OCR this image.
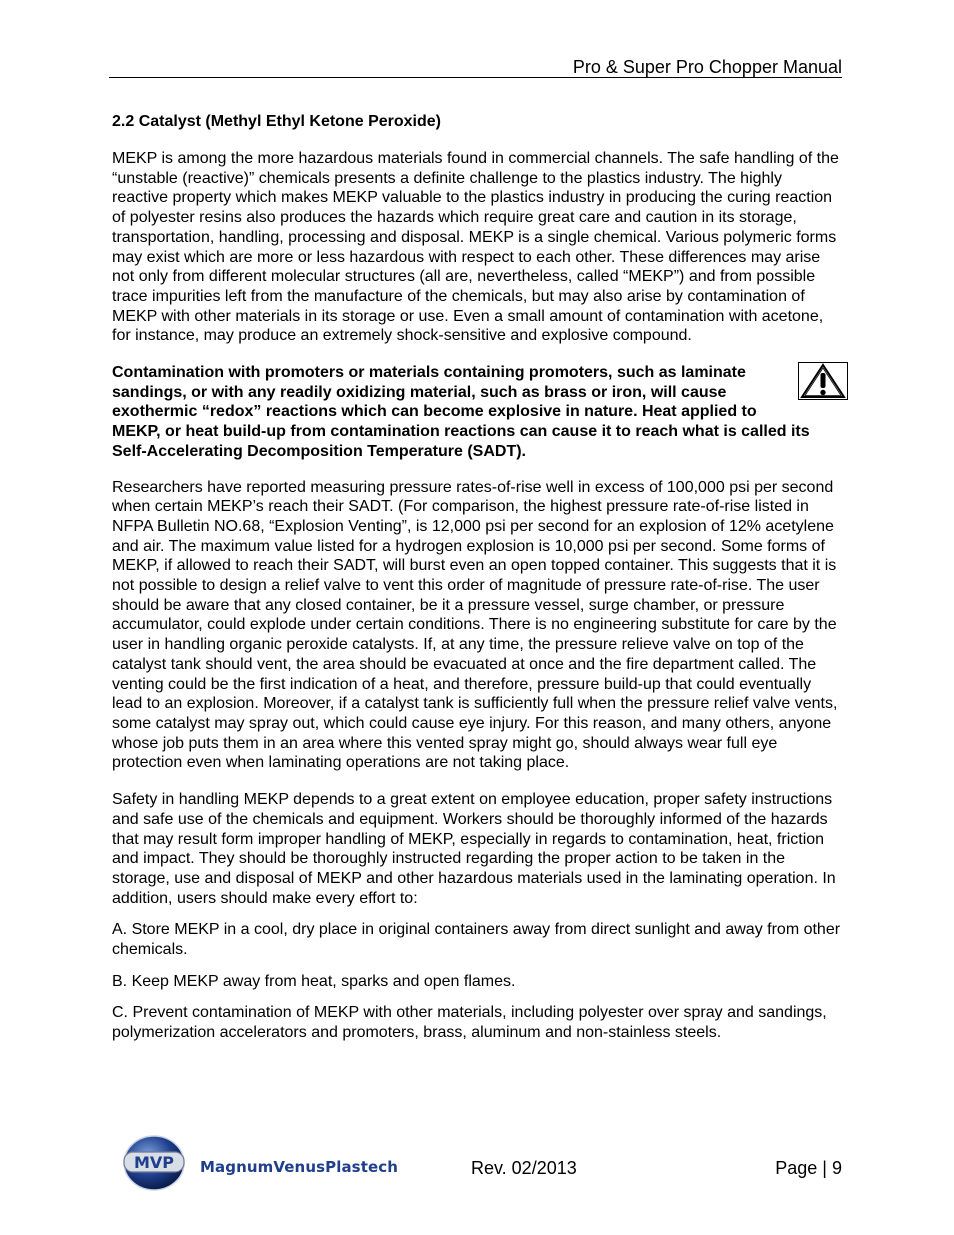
Pro & Super Pro Chopper Manual
2.2 Catalyst (Methyl Ethyl Ketone Peroxide)

MEKP is among the more hazardous materials found in commercial channels. The safe handling of the “unstable (reactive)” chemicals presents a definite challenge to the plastics industry. The highly reactive property which makes MEKP valuable to the plastics industry in producing the curing reaction of polyester resins also produces the hazards which require great care and caution in its storage, transportation, handling, processing and disposal. MEKP is a single chemical. Various polymeric forms may exist which are more or less hazardous with respect to each other. These differences may arise not only from different molecular structures (all are, nevertheless, called “MEKP”) and from possible trace impurities left from the manufacture of the chemicals, but may also arise by contamination of MEKP with other materials in its storage or use. Even a small amount of contamination with acetone, for instance, may produce an extremely shock-sensitive and explosive compound.

Contamination with promoters or materials containing promoters, such as laminate sandings, or with any readily oxidizing material, such as brass or iron, will cause exothermic “redox” reactions which can become explosive in nature. Heat applied to MEKP, or heat build-up from contamination reactions can cause it to reach what is called its Self-Accelerating Decomposition Temperature (SADT).

Researchers have reported measuring pressure rates-of-rise well in excess of 100,000 psi per second when certain MEKP’s reach their SADT. (For comparison, the highest pressure rate-of-rise listed in NFPA Bulletin NO.68, “Explosion Venting”, is 12,000 psi per second for an explosion of 12% acetylene and air. The maximum value listed for a hydrogen explosion is 10,000 psi per second. Some forms of MEKP, if allowed to reach their SADT, will burst even an open topped container. This suggests that it is not possible to design a relief valve to vent this order of magnitude of pressure rate-of-rise. The user should be aware that any closed container, be it a pressure vessel, surge chamber, or pressure accumulator, could explode under certain conditions. There is no engineering substitute for care by the user in handling organic peroxide catalysts. If, at any time, the pressure relieve valve on top of the catalyst tank should vent, the area should be evacuated at once and the fire department called. The venting could be the first indication of a heat, and therefore, pressure build-up that could eventually lead to an explosion. Moreover, if a catalyst tank is sufficiently full when the pressure relief valve vents, some catalyst may spray out, which could cause eye injury. For this reason, and many others, anyone whose job puts them in an area where this vented spray might go, should always wear full eye protection even when laminating operations are not taking place.

Safety in handling MEKP depends to a great extent on employee education, proper safety instructions and safe use of the chemicals and equipment. Workers should be thoroughly informed of the hazards that may result form improper handling of MEKP, especially in regards to contamination, heat, friction and impact. They should be thoroughly instructed regarding the proper action to be taken in the storage, use and disposal of MEKP and other hazardous materials used in the laminating operation. In addition, users should make every effort to:

A. Store MEKP in a cool, dry place in original containers away from direct sunlight and away from other chemicals.

B. Keep MEKP away from heat, sparks and open flames.

C. Prevent contamination of MEKP with other materials, including polyester over spray and sandings, polymerization accelerators and promoters, brass, aluminum and non-stainless steels.

MVP MagnumVenusPlastech	Rev. 02/2013	Page | 9
